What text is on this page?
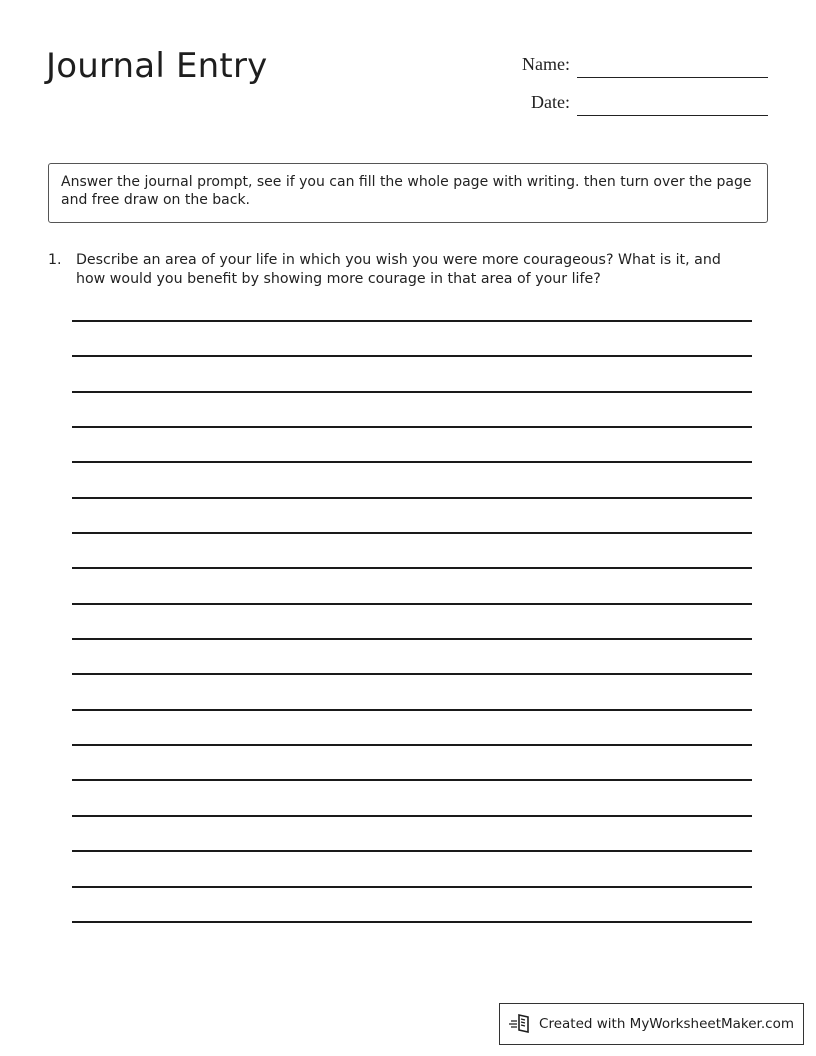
Journal Entry	Name:
Date:
Answer the journal prompt, see if you can fill the whole page with writing. then turn over the page and free draw on the back.
1. Describe an area of your life in which you wish you were more courageous? What is it, and how would you benefit by showing more courage in that area of your life?
Created with MyWorksheetMaker.com
